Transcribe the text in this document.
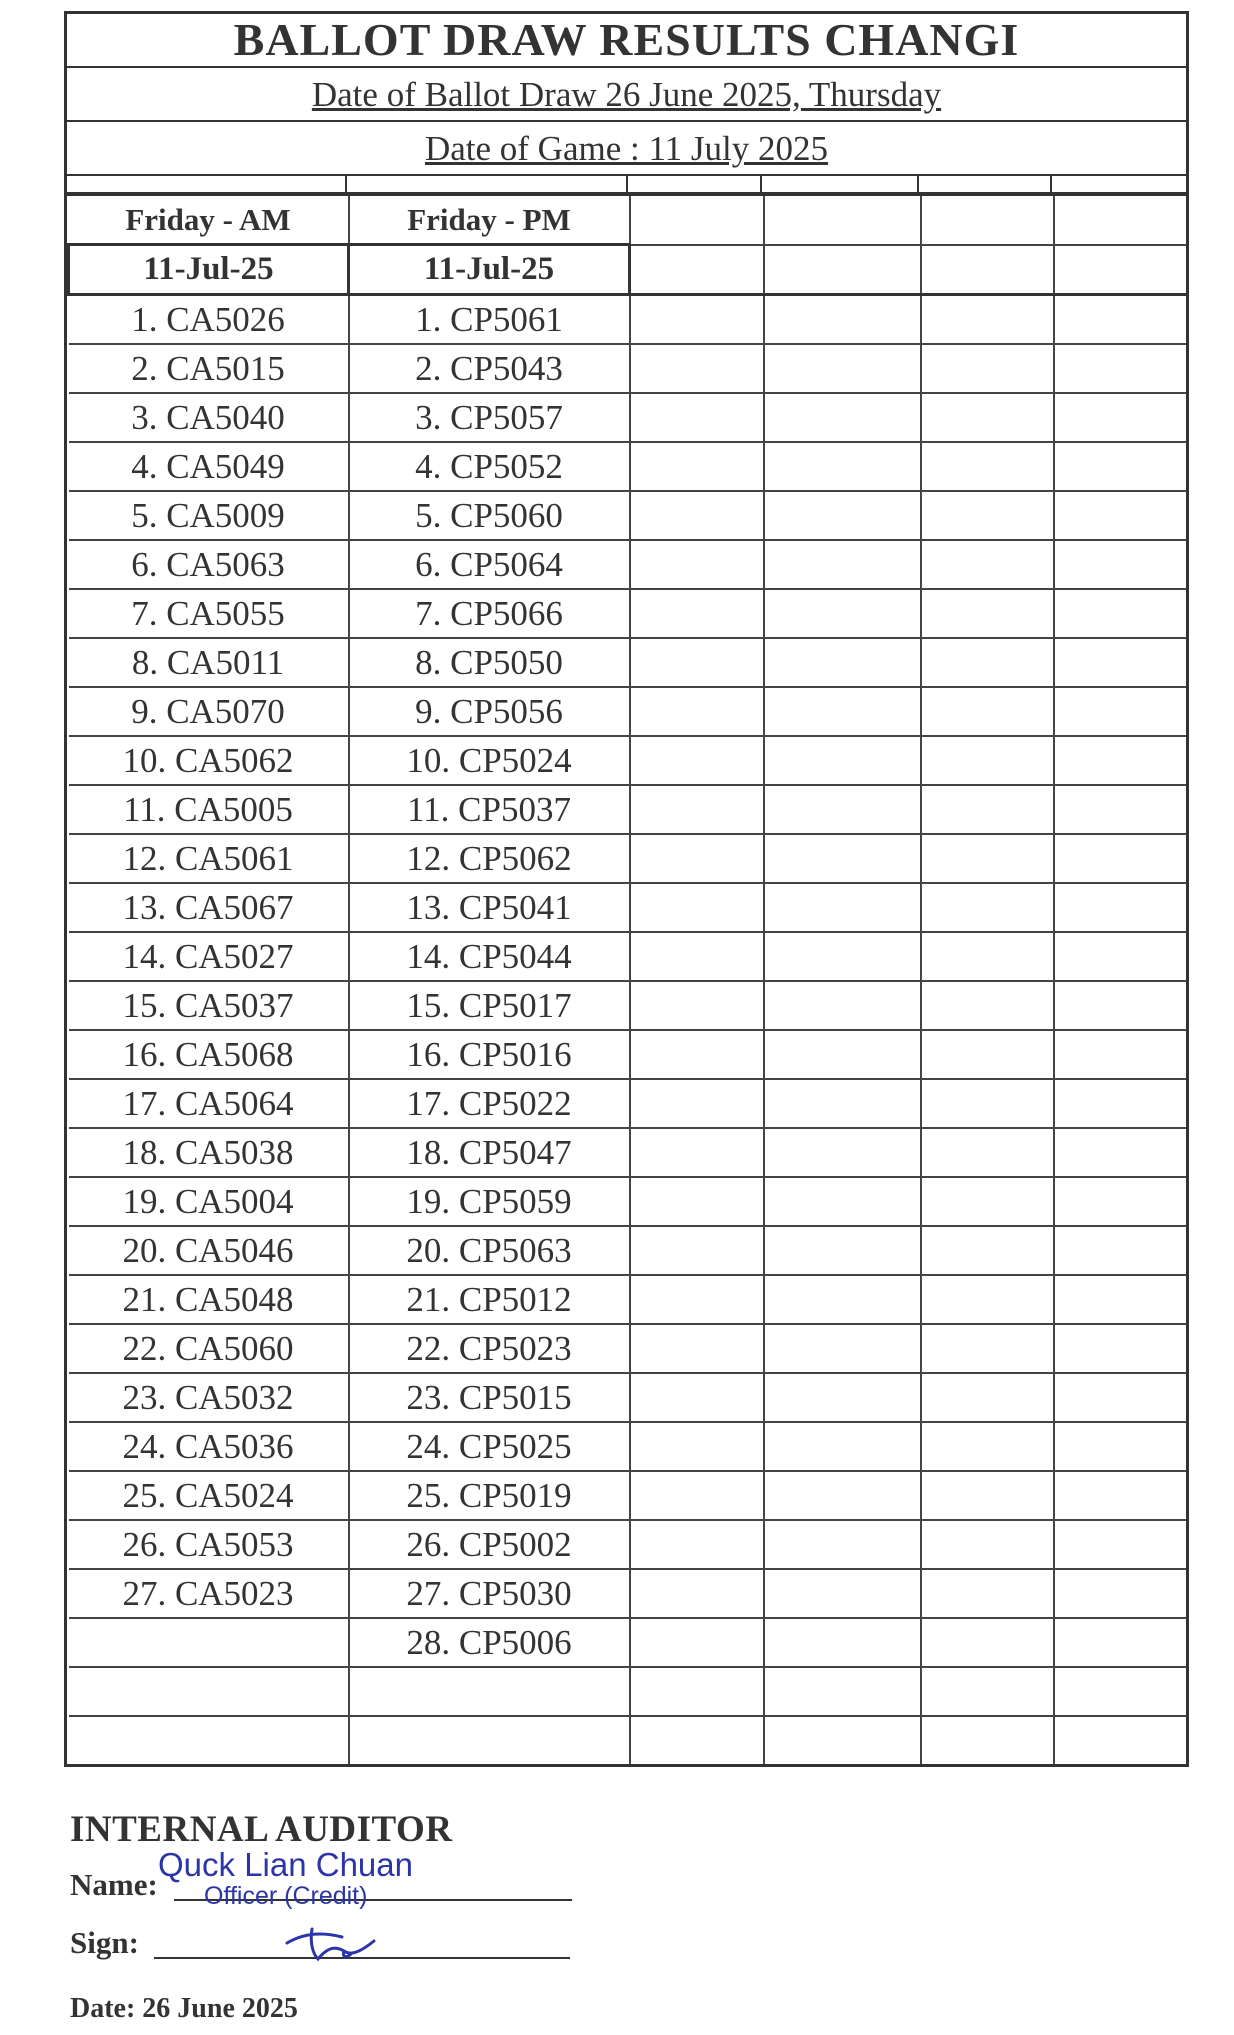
BALLOT DRAW RESULTS CHANGI
Date of Ballot Draw 26 June 2025, Thursday
Date of Game : 11 July 2025
Friday - AM	Friday - PM				
11-Jul-25	11-Jul-25				
1. CA5026	1. CP5061				
2. CA5015	2. CP5043				
3. CA5040	3. CP5057				
4. CA5049	4. CP5052				
5. CA5009	5. CP5060				
6. CA5063	6. CP5064				
7. CA5055	7. CP5066				
8. CA5011	8. CP5050				
9. CA5070	9. CP5056				
10. CA5062	10. CP5024				
11. CA5005	11. CP5037				
12. CA5061	12. CP5062				
13. CA5067	13. CP5041				
14. CA5027	14. CP5044				
15. CA5037	15. CP5017				
16. CA5068	16. CP5016				
17. CA5064	17. CP5022				
18. CA5038	18. CP5047				
19. CA5004	19. CP5059				
20. CA5046	20. CP5063				
21. CA5048	21. CP5012				
22. CA5060	22. CP5023				
23. CA5032	23. CP5015				
24. CA5036	24. CP5025				
25. CA5024	25. CP5019				
26. CA5053	26. CP5002				
27. CA5023	27. CP5030				
	28. CP5006				

INTERNAL AUDITOR
Name:
Sign:
Quck Lian Chuan
Officer (Credit)
Date: 26 June 2025
